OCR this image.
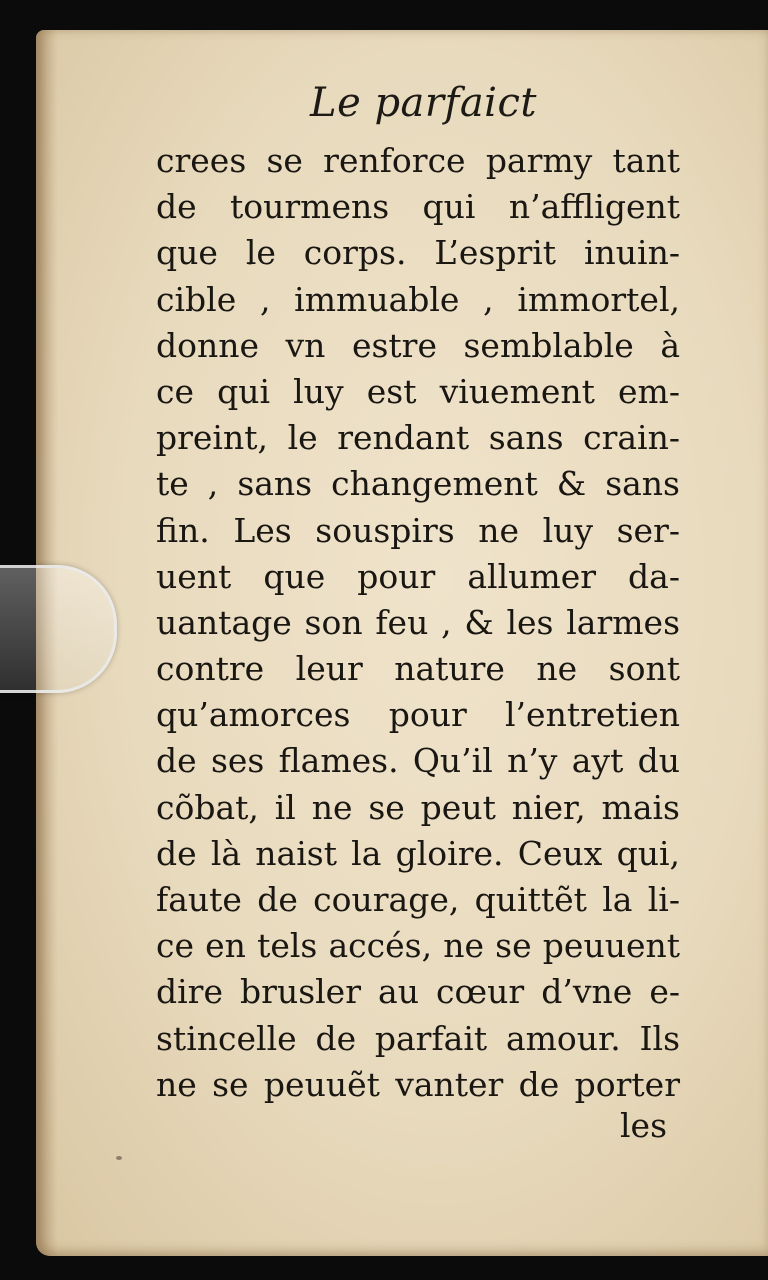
Le parfaict
crees se renforce parmy tant
de tourmens qui n’affligent
que le corps. L’esprit inuin-
cible , immuable , immortel,
donne vn estre semblable à
ce qui luy est viuement em-
preint, le rendant sans crain-
te , sans changement & sans
fin. Les souspirs ne luy ser-
uent que pour allumer da-
uantage son feu , & les larmes
contre leur nature ne sont
qu’amorces pour l’entretien
de ses flames. Qu’il n’y ayt du
cõbat, il ne se peut nier, mais
de là naist la gloire. Ceux qui,
faute de courage, quittẽt la li-
ce en tels accés, ne se peuuent
dire brusler au cœur d’vne e-
stincelle de parfait amour. Ils
ne se peuuẽt vanter de porter
les
